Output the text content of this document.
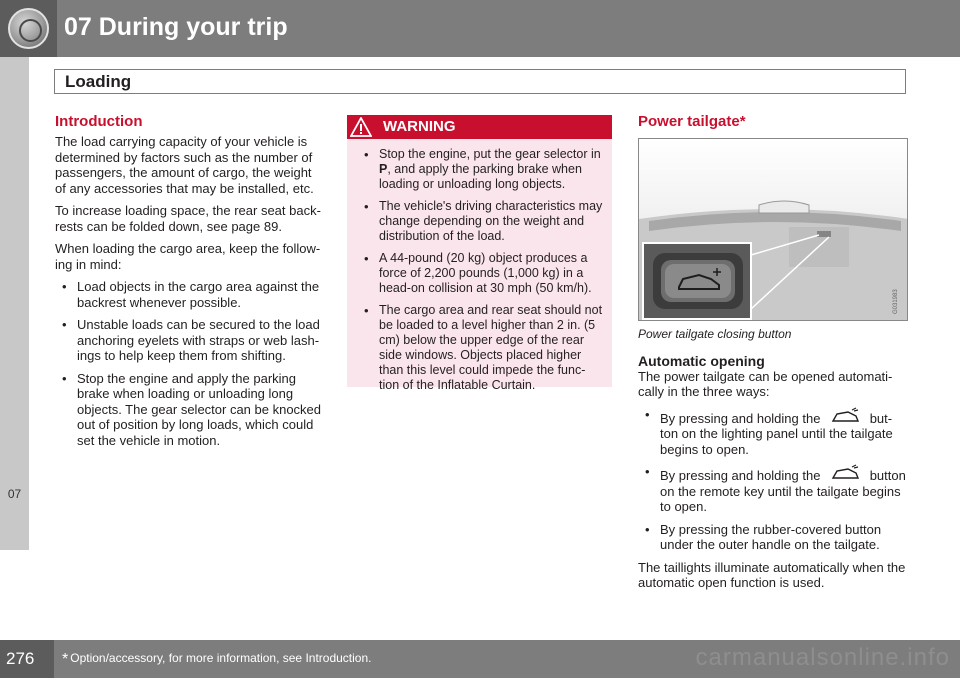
07 During your trip
Loading
07
Introduction

The load carrying capacity of your vehicle is determined by factors such as the number of passengers, the amount of cargo, the weight of any accessories that may be installed, etc.

To increase loading space, the rear seat back-rests can be folded down, see page 89.

When loading the cargo area, keep the follow-ing in mind:

• Load objects in the cargo area against the backrest whenever possible.
• Unstable loads can be secured to the load anchoring eyelets with straps or web lash-ings to help keep them from shifting.
• Stop the engine and apply the parking brake when loading or unloading long objects. The gear selector can be knocked out of position by long loads, which could set the vehicle in motion.
WARNING
• Stop the engine, put the gear selector in P, and apply the parking brake when loading or unloading long objects.
• The vehicle's driving characteristics may change depending on the weight and distribution of the load.
• A 44-pound (20 kg) object produces a force of 2,200 pounds (1,000 kg) in a head-on collision at 30 mph (50 km/h).
• The cargo area and rear seat should not be loaded to a level higher than 2 in. (5 cm) below the upper edge of the rear side windows. Objects placed higher than this level could impede the func-tion of the Inflatable Curtain.
Power tailgate*
G031983
Power tailgate closing button
Automatic opening

The power tailgate can be opened automati-cally in the three ways:

• By pressing and holding the	but-ton on the lighting panel until the tailgate begins to open.
• By pressing and holding the	button on the remote key until the tailgate begins to open.
• By pressing the rubber-covered button under the outer handle on the tailgate.

The taillights illuminate automatically when the automatic open function is used.

276 * Option/accessory, for more information, see Introduction.	carmanualsonline.info
